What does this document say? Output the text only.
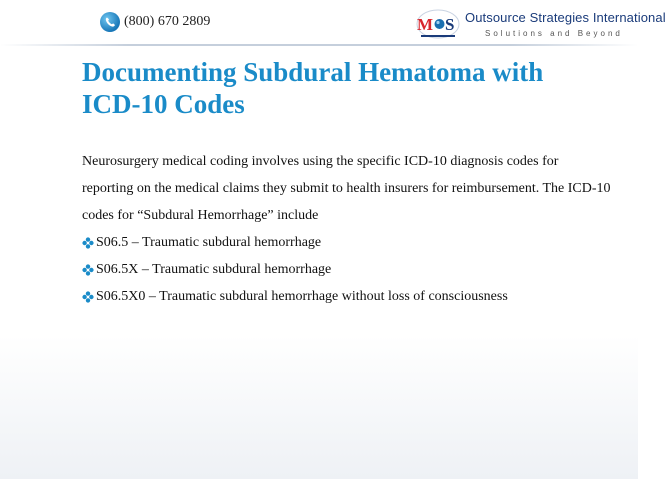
(800) 670 2809	M S Outsource Strategies International
Solutions and Beyond
Documenting Subdural Hematoma with ICD-10 Codes

Neurosurgery medical coding involves using the specific ICD-10 diagnosis codes for reporting on the medical claims they submit to health insurers for reimbursement. The ICD-10 codes for “Subdural Hemorrhage” include

S06.5 – Traumatic subdural hemorrhage
S06.5X – Traumatic subdural hemorrhage
S06.5X0 – Traumatic subdural hemorrhage without loss of consciousness
